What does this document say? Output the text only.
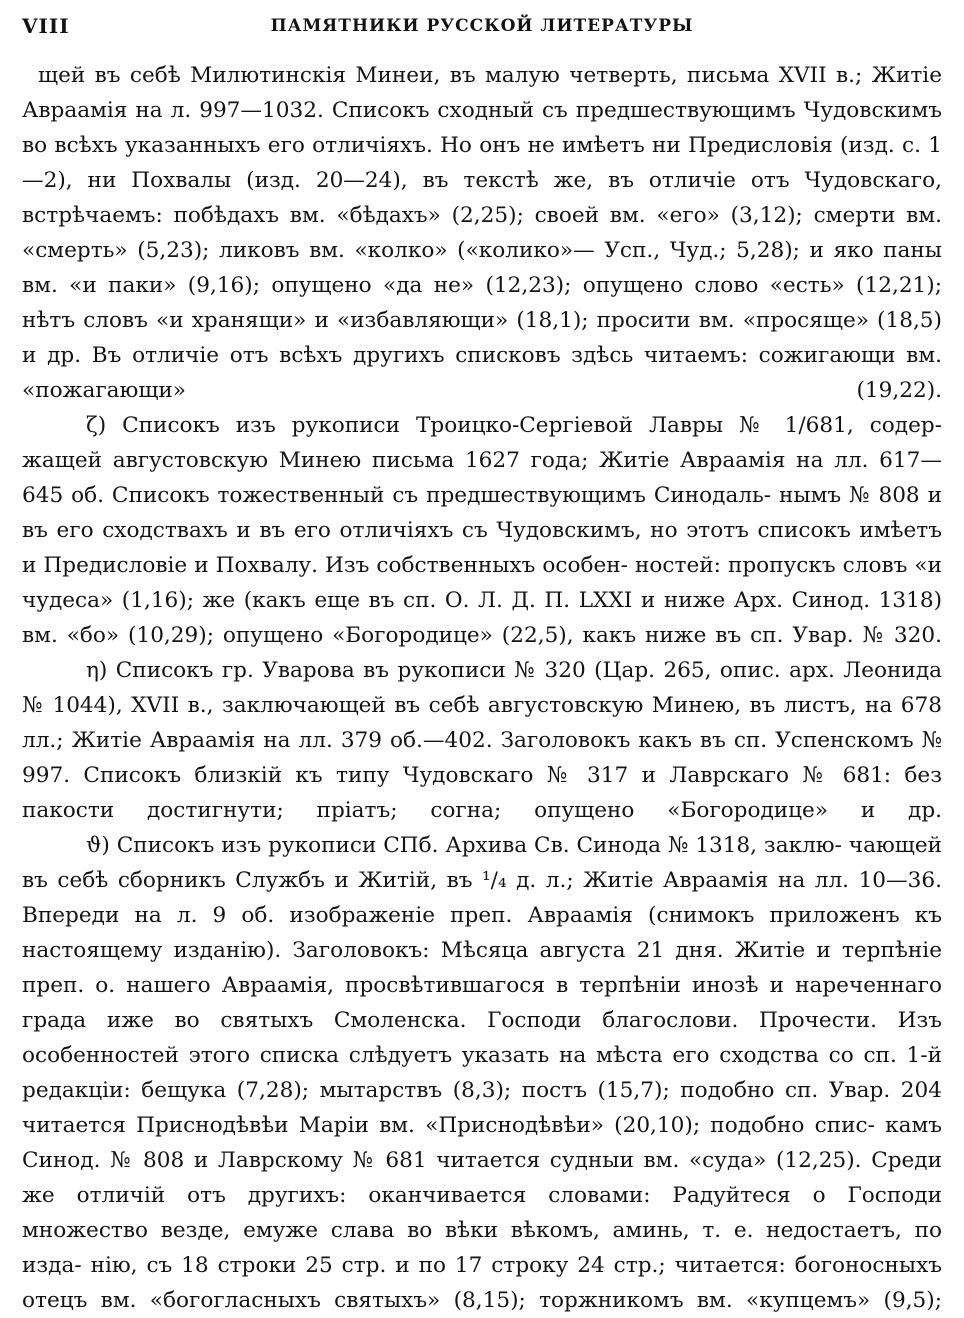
VIII	ПАМЯТНИКИ РУССКОЙ ЛИТЕРАТУРЫ
щей въ себѣ Милютинскія Минеи, въ малую четверть, письма XVII в.; Житіе Авраамія на л. 997—1032. Списокъ сходный съ предшествующимъ Чудовскимъ во всѣхъ указанныхъ его отличіяхъ. Но онъ не имѣетъ ни Предисловія (изд. с. 1—2), ни Похвалы (изд. 20—24), въ текстѣ же, въ отличіе отъ Чудовскаго, встрѣчаемъ: побѣдахъ вм. «бѣдахъ» (2,25); своей вм. «его» (3,12); смерти вм. «смерть» (5,23); ликовъ вм. «колко» («колико»— Усп., Чуд.; 5,28); и яко паны вм. «и паки» (9,16); опущено «да не» (12,23); опущено слово «есть» (12,21); нѣтъ словъ «и хранящи» и «избавляющи» (18,1); просити вм. «просяще» (18,5) и др. Въ отличіе отъ всѣхъ другихъ списковъ здѣсь читаемъ: сожигающи вм. «пожагающи» (19,22).
ζ) Списокъ изъ рукописи Троицко-Сергіевой Лавры № 1/681, содер- жащей августовскую Минею письма 1627 года; Житіе Авраамія на лл. 617—645 об. Списокъ тожественный съ предшествующимъ Синодаль- нымъ № 808 и въ его сходствахъ и въ его отличіяхъ съ Чудовскимъ, но этотъ списокъ имѣетъ и Предисловіе и Похвалу. Изъ собственныхъ особен- ностей: пропускъ словъ «и чудеса» (1,16); же (какъ еще въ сп. О. Л. Д. П. LXXI и ниже Арх. Синод. 1318) вм. «бо» (10,29); опущено «Богородице» (22,5), какъ ниже въ сп. Увар. № 320.
η) Списокъ гр. Уварова въ рукописи № 320 (Цар. 265, опис. арх. Леонида № 1044), XVII в., заключающей въ себѣ августовскую Минею, въ листъ, на 678 лл.; Житіе Авраамія на лл. 379 об.—402. Заголовокъ какъ въ сп. Успенскомъ № 997. Списокъ близкій къ типу Чудовскаго № 317 и Лаврскаго № 681: без пакости достигнути; пріатъ; согна; опущено «Богородице» и др.
ϑ) Списокъ изъ рукописи СПб. Архива Св. Синода № 1318, заклю- чающей въ себѣ сборникъ Службъ и Житій, въ ¹/₄ д. л.; Житіе Авраамія на лл. 10—36. Впереди на л. 9 об. изображеніе преп. Авраамія (снимокъ приложенъ къ настоящему изданію). Заголовокъ: Мѣсяца августа 21 дня. Житіе и терпѣніе преп. о. нашего Авраамія, просвѣтившагося в терпѣніи инозѣ и нареченнаго града иже во святыхъ Смоленска. Господи благослови. Прочести. Изъ особенностей этого списка слѣдуетъ указать на мѣста его сходства со сп. 1-й редакціи: бещука (7,28); мытарствъ (8,3); постъ (15,7); подобно сп. Увар. 204 читается Приснодѣвѣи Маріи вм. «Приснодѣвѣи» (20,10); подобно спис- камъ Синод. № 808 и Лаврскому № 681 читается судныи вм. «суда» (12,25). Среди же отличій отъ другихъ: оканчивается словами: Радуйтеся о Господи множество везде, емуже слава во вѣки вѣкомъ, аминь, т. е. недостаетъ, по изда- нію, съ 18 строки 25 стр. и по 17 строку 24 стр.; читается: богоносныхъ отецъ вм. «богогласныхъ святыхъ» (8,15); торжникомъ вм. «купцемъ» (9,5);
